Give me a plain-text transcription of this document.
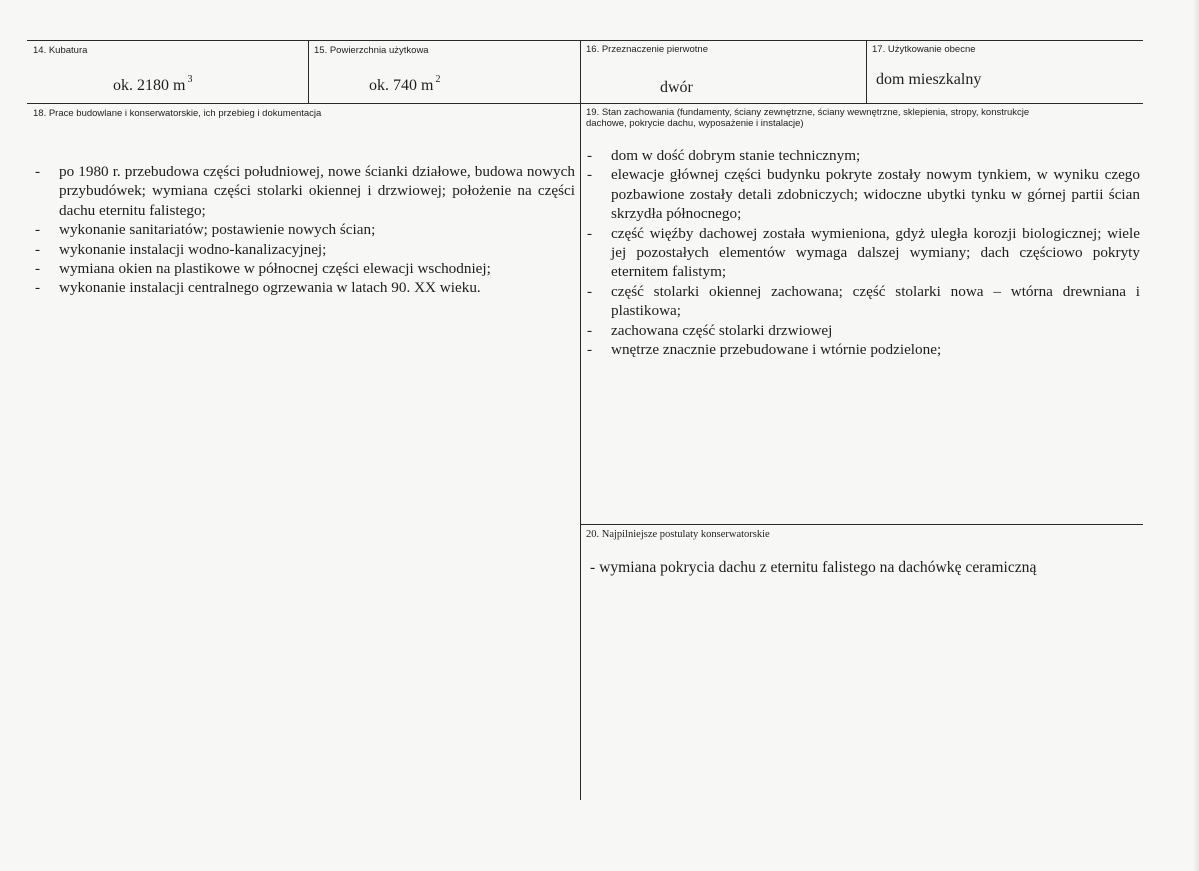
14. Kubatura
ok. 2180 m $^3$
15. Powierzchnia użytkowa
ok. 740 m $^2$
16. Przeznaczenie pierwotne
dwór
17. Użytkowanie obecne
dom mieszkalny
18. Prace budowlane i konserwatorskie, ich przebieg i dokumentacja
- po 1980 r. przebudowa części południowej, nowe ścianki działowe, budowa nowych przybudówek; wymiana części stolarki okiennej i drzwiowej; położenie na części dachu eternitu falistego;
- wykonanie sanitariatów; postawienie nowych ścian;
- wykonanie instalacji wodno-kanalizacyjnej;
- wymiana okien na plastikowe w północnej części elewacji wschodniej;
- wykonanie instalacji centralnego ogrzewania w latach 90. XX wieku.
19. Stan zachowania (fundamenty, ściany zewnętrzne, ściany wewnętrzne, sklepienia, stropy, konstrukcje dachowe, pokrycie dachu, wyposażenie i instalacje)
- dom w dość dobrym stanie technicznym;
- elewacje głównej części budynku pokryte zostały nowym tynkiem, w wyniku czego pozbawione zostały detali zdobniczych; widoczne ubytki tynku w górnej partii ścian skrzydła północnego;
- część więźby dachowej została wymieniona, gdyż uległa korozji biologicznej; wiele jej pozostałych elementów wymaga dalszej wymiany; dach częściowo pokryty eternitem falistym;
- część stolarki okiennej zachowana; część stolarki nowa – wtórna drewniana i plastikowa;
- zachowana część stolarki drzwiowej
- wnętrze znacznie przebudowane i wtórnie podzielone;
20. Najpilniejsze postulaty konserwatorskie
- wymiana pokrycia dachu z eternitu falistego na dachówkę ceramiczną
